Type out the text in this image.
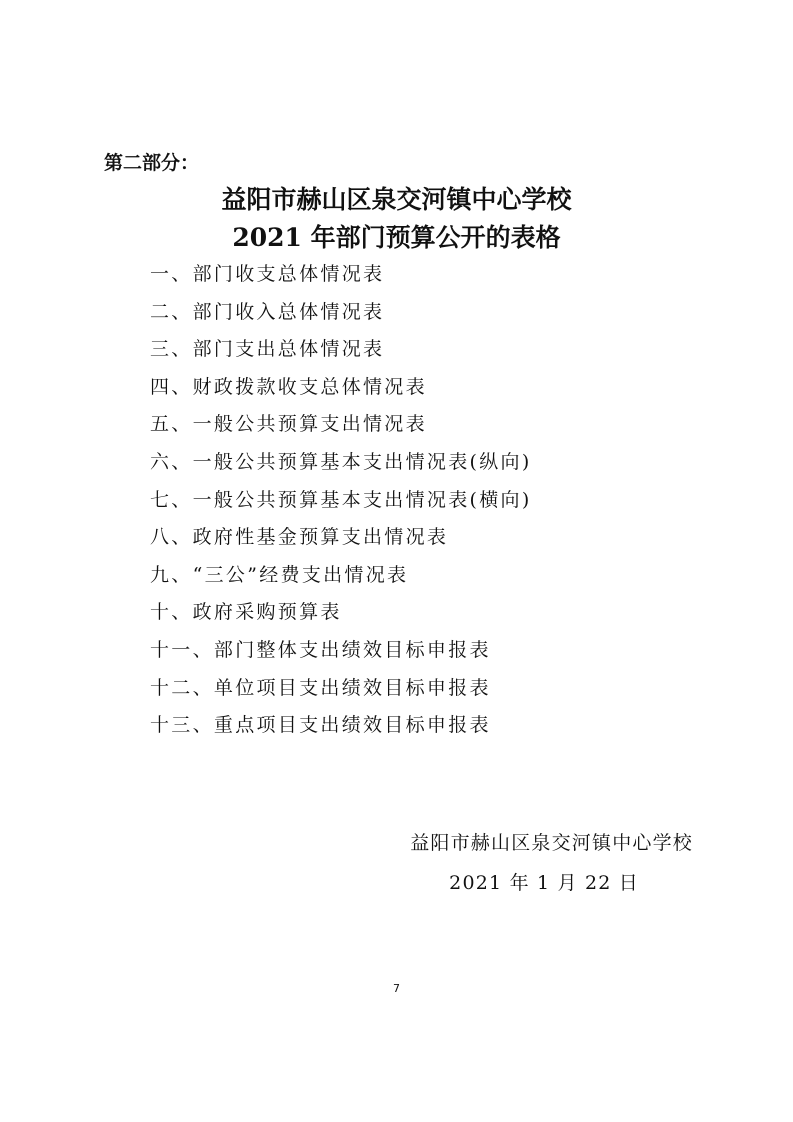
第二部分：
益阳市赫山区泉交河镇中心学校
2021 年部门预算公开的表格
一、部门收支总体情况表
二、部门收入总体情况表
三、部门支出总体情况表
四、财政拨款收支总体情况表
五、一般公共预算支出情况表
六、一般公共预算基本支出情况表(纵向)
七、一般公共预算基本支出情况表(横向)
八、政府性基金预算支出情况表
九、“三公”经费支出情况表
十、政府采购预算表
十一、部门整体支出绩效目标申报表
十二、单位项目支出绩效目标申报表
十三、重点项目支出绩效目标申报表
益阳市赫山区泉交河镇中心学校
2021 年 1 月 22 日
7
